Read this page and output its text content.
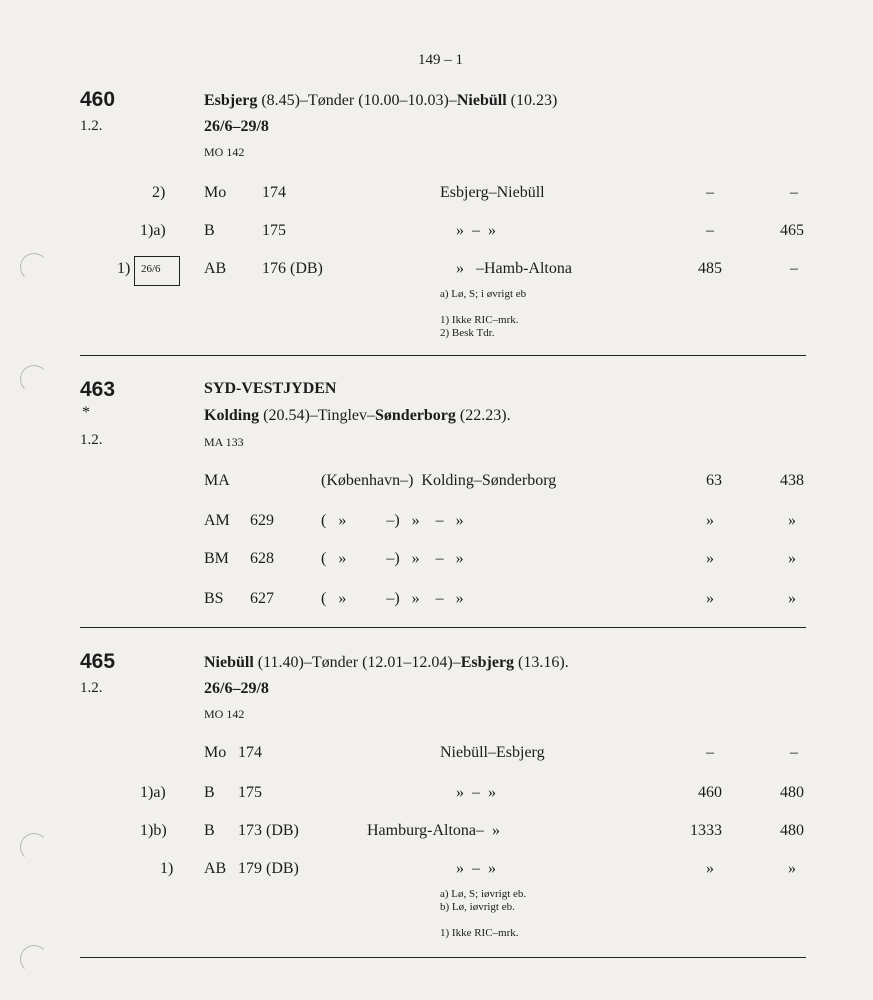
149 – 1
460
1.2.
Esbjerg (8.45)–Tønder (10.00–10.03)–Niebüll (10.23)
26/6–29/8
MO 142
2) Mo 174	Esbjerg–Niebüll	–	–
1)a) B	175	»  –  »	–	465
1) 26/6	AB 176 (DB)	»   –Hamb-Altona	485	–
a) Lø, S; i øvrigt eb
1) Ikke RIC–mrk.
2) Besk Tdr.
463
*
1.2.
SYD-VESTJYDEN
Kolding (20.54)–Tinglev–Sønderborg (22.23).
MA 133
MA	(København–)  Kolding–Sønderborg	63	438
AM 629	(   »          –)   »    –   »	»	»
BM 628	(   »          –)   »    –   »	»	»
BS 627	(   »          –)   »    –   »	»	»
465
1.2.
Niebüll (11.40)–Tønder (12.01–12.04)–Esbjerg (13.16).
26/6–29/8
MO 142
Mo 174	Niebüll–Esbjerg	–	–
1)a) B 175	»  –  »	460	480
1)b) B 173 (DB)	Hamburg-Altona–  »	1333	480
1) AB 179 (DB)	»  –  »	»	»
a) Lø, S; iøvrigt eb.
b) Lø, iøvrigt eb.
1) Ikke RIC–mrk.
